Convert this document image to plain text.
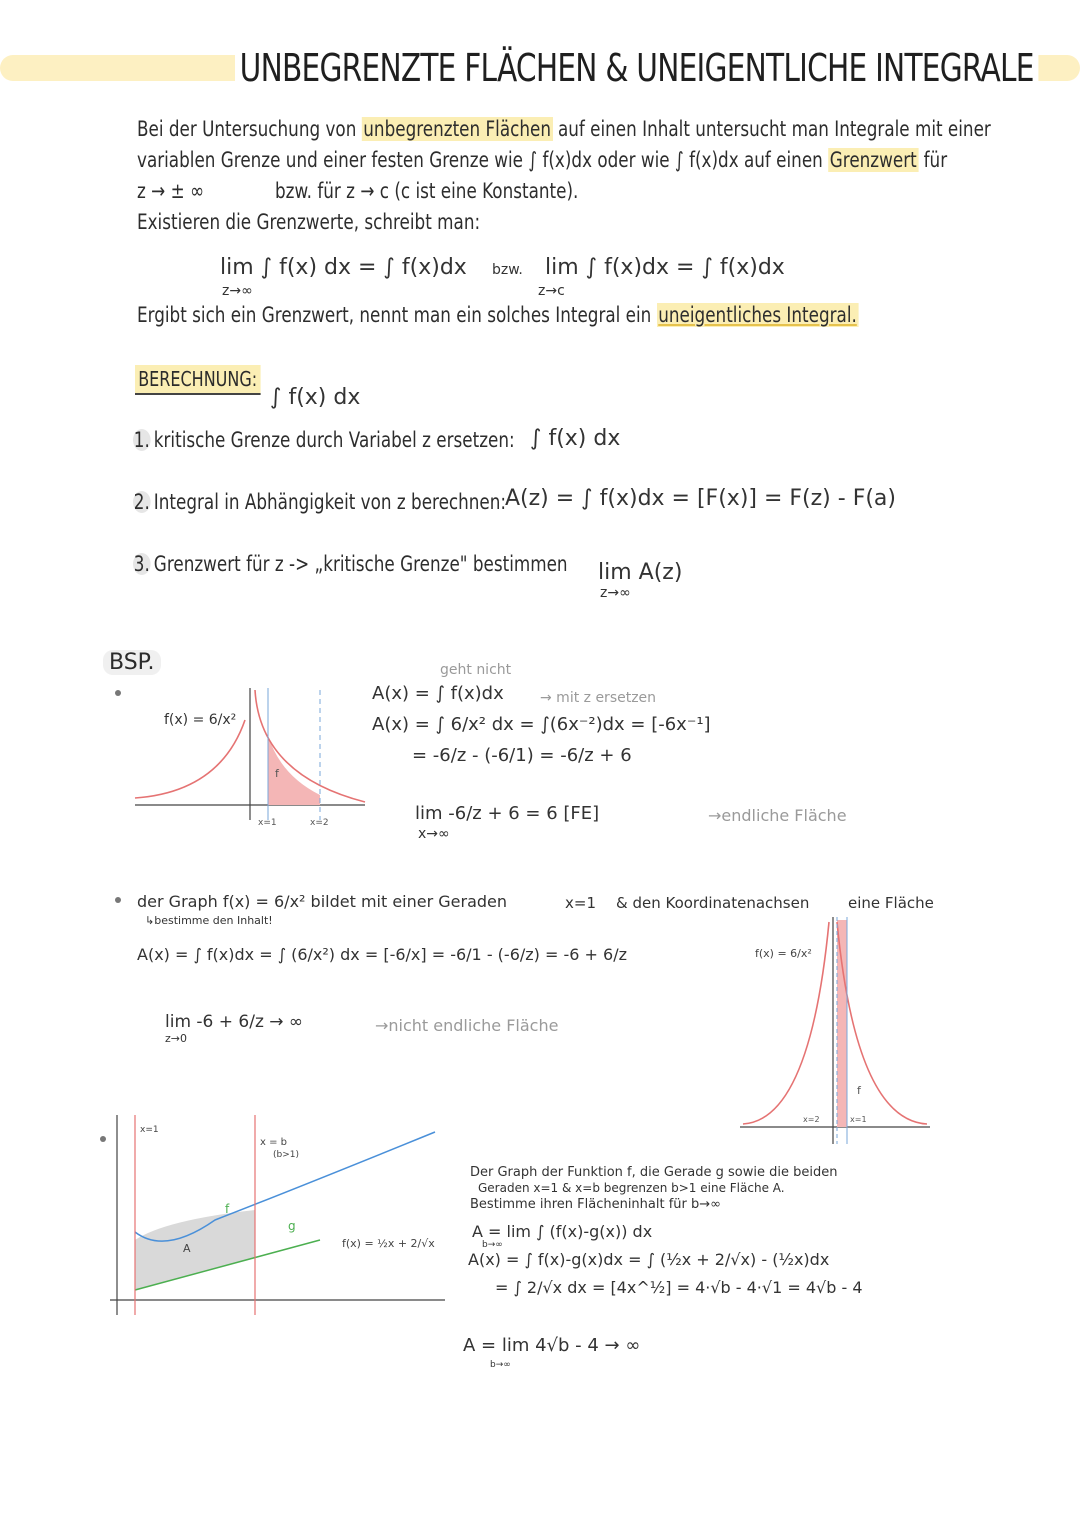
UNBEGRENZTE FLÄCHEN & UNEIGENTLICHE INTEGRALE
Bei der Untersuchung von unbegrenzten Flächen auf einen Inhalt untersucht man Integrale mit einer
variablen Grenze und einer festen Grenze wie ∫ f(x)dx oder wie ∫ f(x)dx auf einen Grenzwert für
z → ± ∞	bzw. für z → c (c ist eine Konstante).
Existieren die Grenzwerte, schreibt man:
lim ∫ f(x) dx = ∫ f(x)dx
z→∞
bzw. lim ∫ f(x)dx = ∫ f(x)dx
z→c
Ergibt sich ein Grenzwert, nennt man ein solches Integral ein uneigentliches Integral.
BERECHNUNG:
∫ f(x) dx
1. kritische Grenze durch Variabel z ersetzen: ∫ f(x) dx
2. Integral in Abhängigkeit von z berechnen:
A(z) = ∫ f(x)dx = [F(x)] = F(z) - F(a)
3. Grenzwert für z -> „kritische Grenze" bestimmen lim A(z)
z→∞
BSP.
f
x=1	x=2
f(x) = 6/x²
geht nicht
→ mit z ersetzen
A(x) = ∫ f(x)dx
A(x) = ∫ 6/x² dx = ∫(6x⁻²)dx = [-6x⁻¹]
= -6/z - (-6/1) = -6/z + 6
lim -6/z + 6 = 6 [FE]
x→∞
→endliche Fläche
der Graph f(x) = 6/x² bildet mit einer Geraden	x=1 & den Koordinatenachsen	eine Fläche
↳bestimme den Inhalt!
A(x) = ∫ f(x)dx = ∫ (6/x²) dx = [-6/x] = -6/1 - (-6/z) = -6 + 6/z
lim -6 + 6/z → ∞
z→0
→nicht endliche Fläche
f(x) = 6/x²
f
x=2	x=1
x=1
x = b
(b>1)
f
g
A	f(x) = ½x + 2/√x
Der Graph der Funktion f, die Gerade g sowie die beiden
Geraden x=1 & x=b begrenzen b>1 eine Fläche A.
Bestimme ihren Flächeninhalt für b→∞
A = lim ∫ (f(x)-g(x)) dx
b→∞
A(x) = ∫ f(x)-g(x)dx = ∫ (½x + 2/√x) - (½x)dx
= ∫ 2/√x dx = [4x^½] = 4·√b - 4·√1 = 4√b - 4
A = lim 4√b - 4 → ∞
b→∞
